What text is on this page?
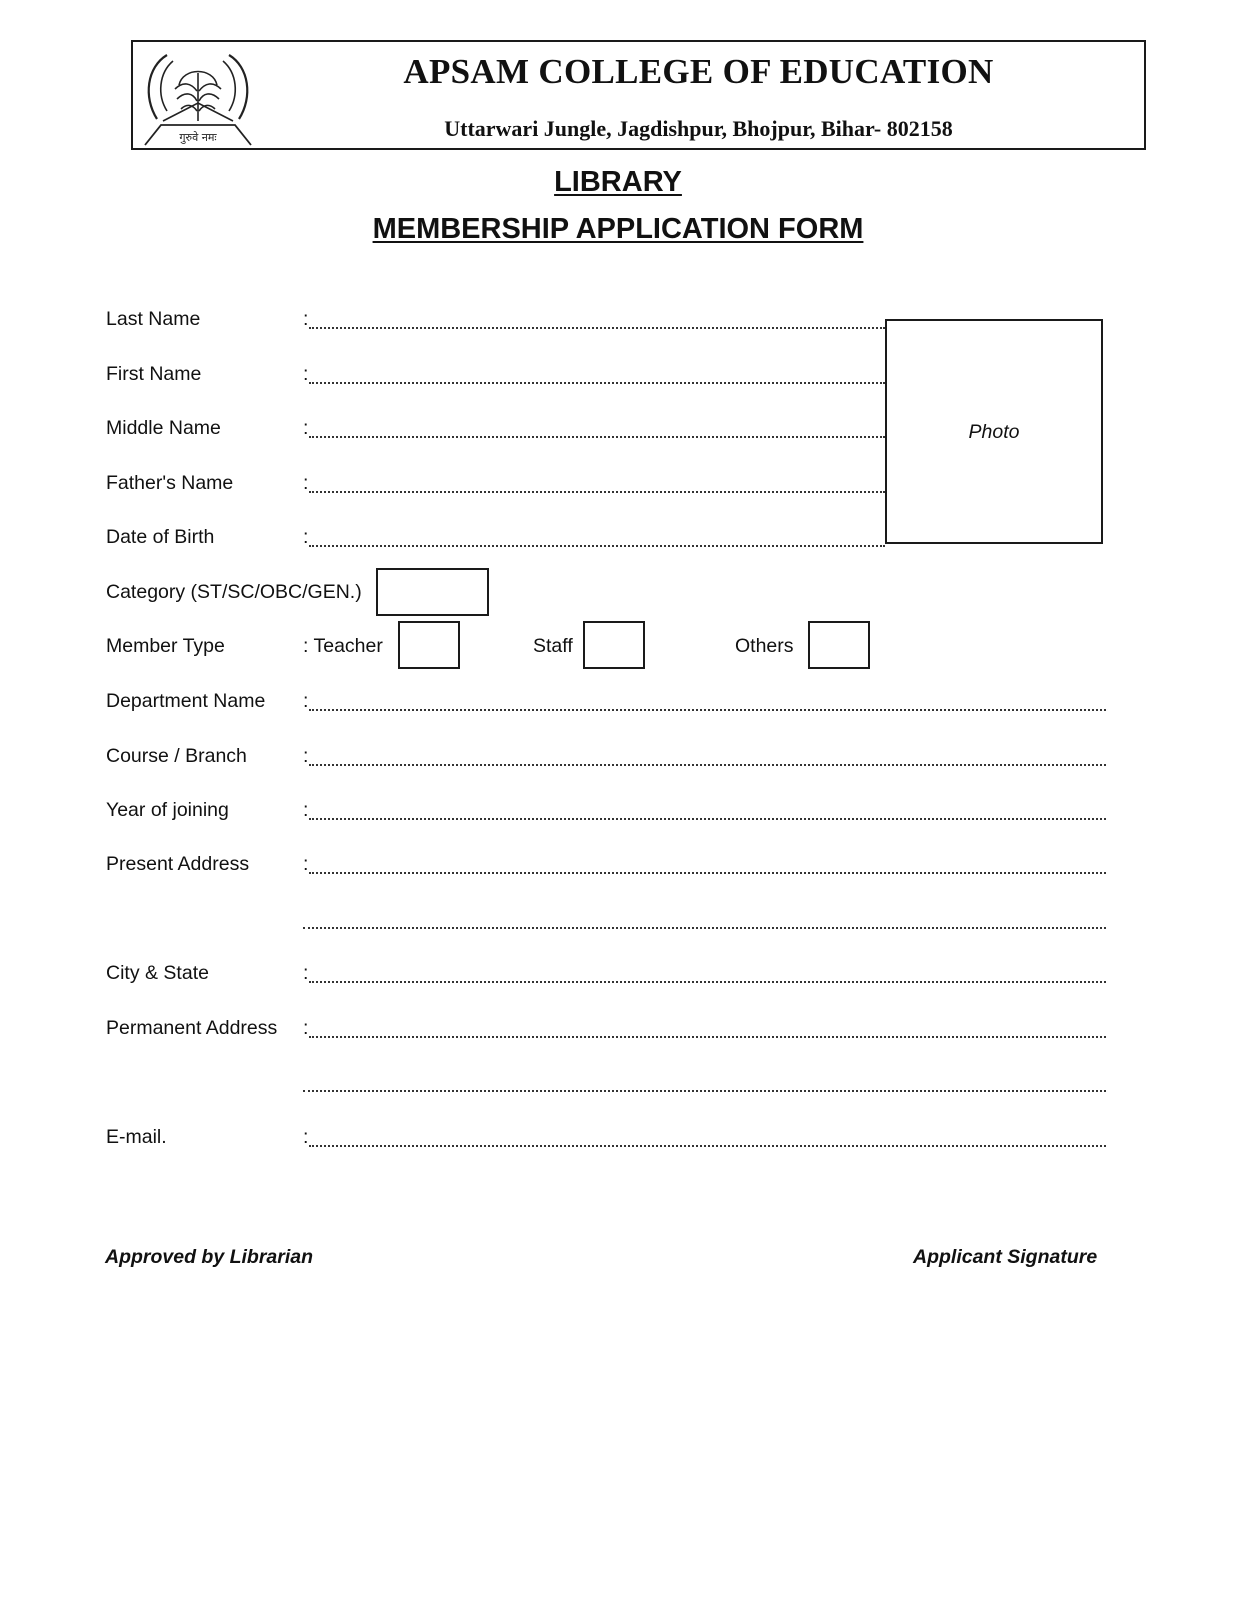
गुरुवे नमः
APSAM COLLEGE OF EDUCATION
Uttarwari Jungle, Jagdishpur, Bhojpur, Bihar- 802158
LIBRARY
MEMBERSHIP APPLICATION FORM
Photo
Last Name	:
First Name	:
Middle Name	:
Father's Name	:
Date of Birth	:
Category (ST/SC/OBC/GEN.)
Member Type	: Teacher	Staff	Others
Department Name :
Course / Branch	:
Year of joining	:
Present Address	:
City & State	:
Permanent Address :
E-mail.	:
Approved by Librarian	Applicant Signature
